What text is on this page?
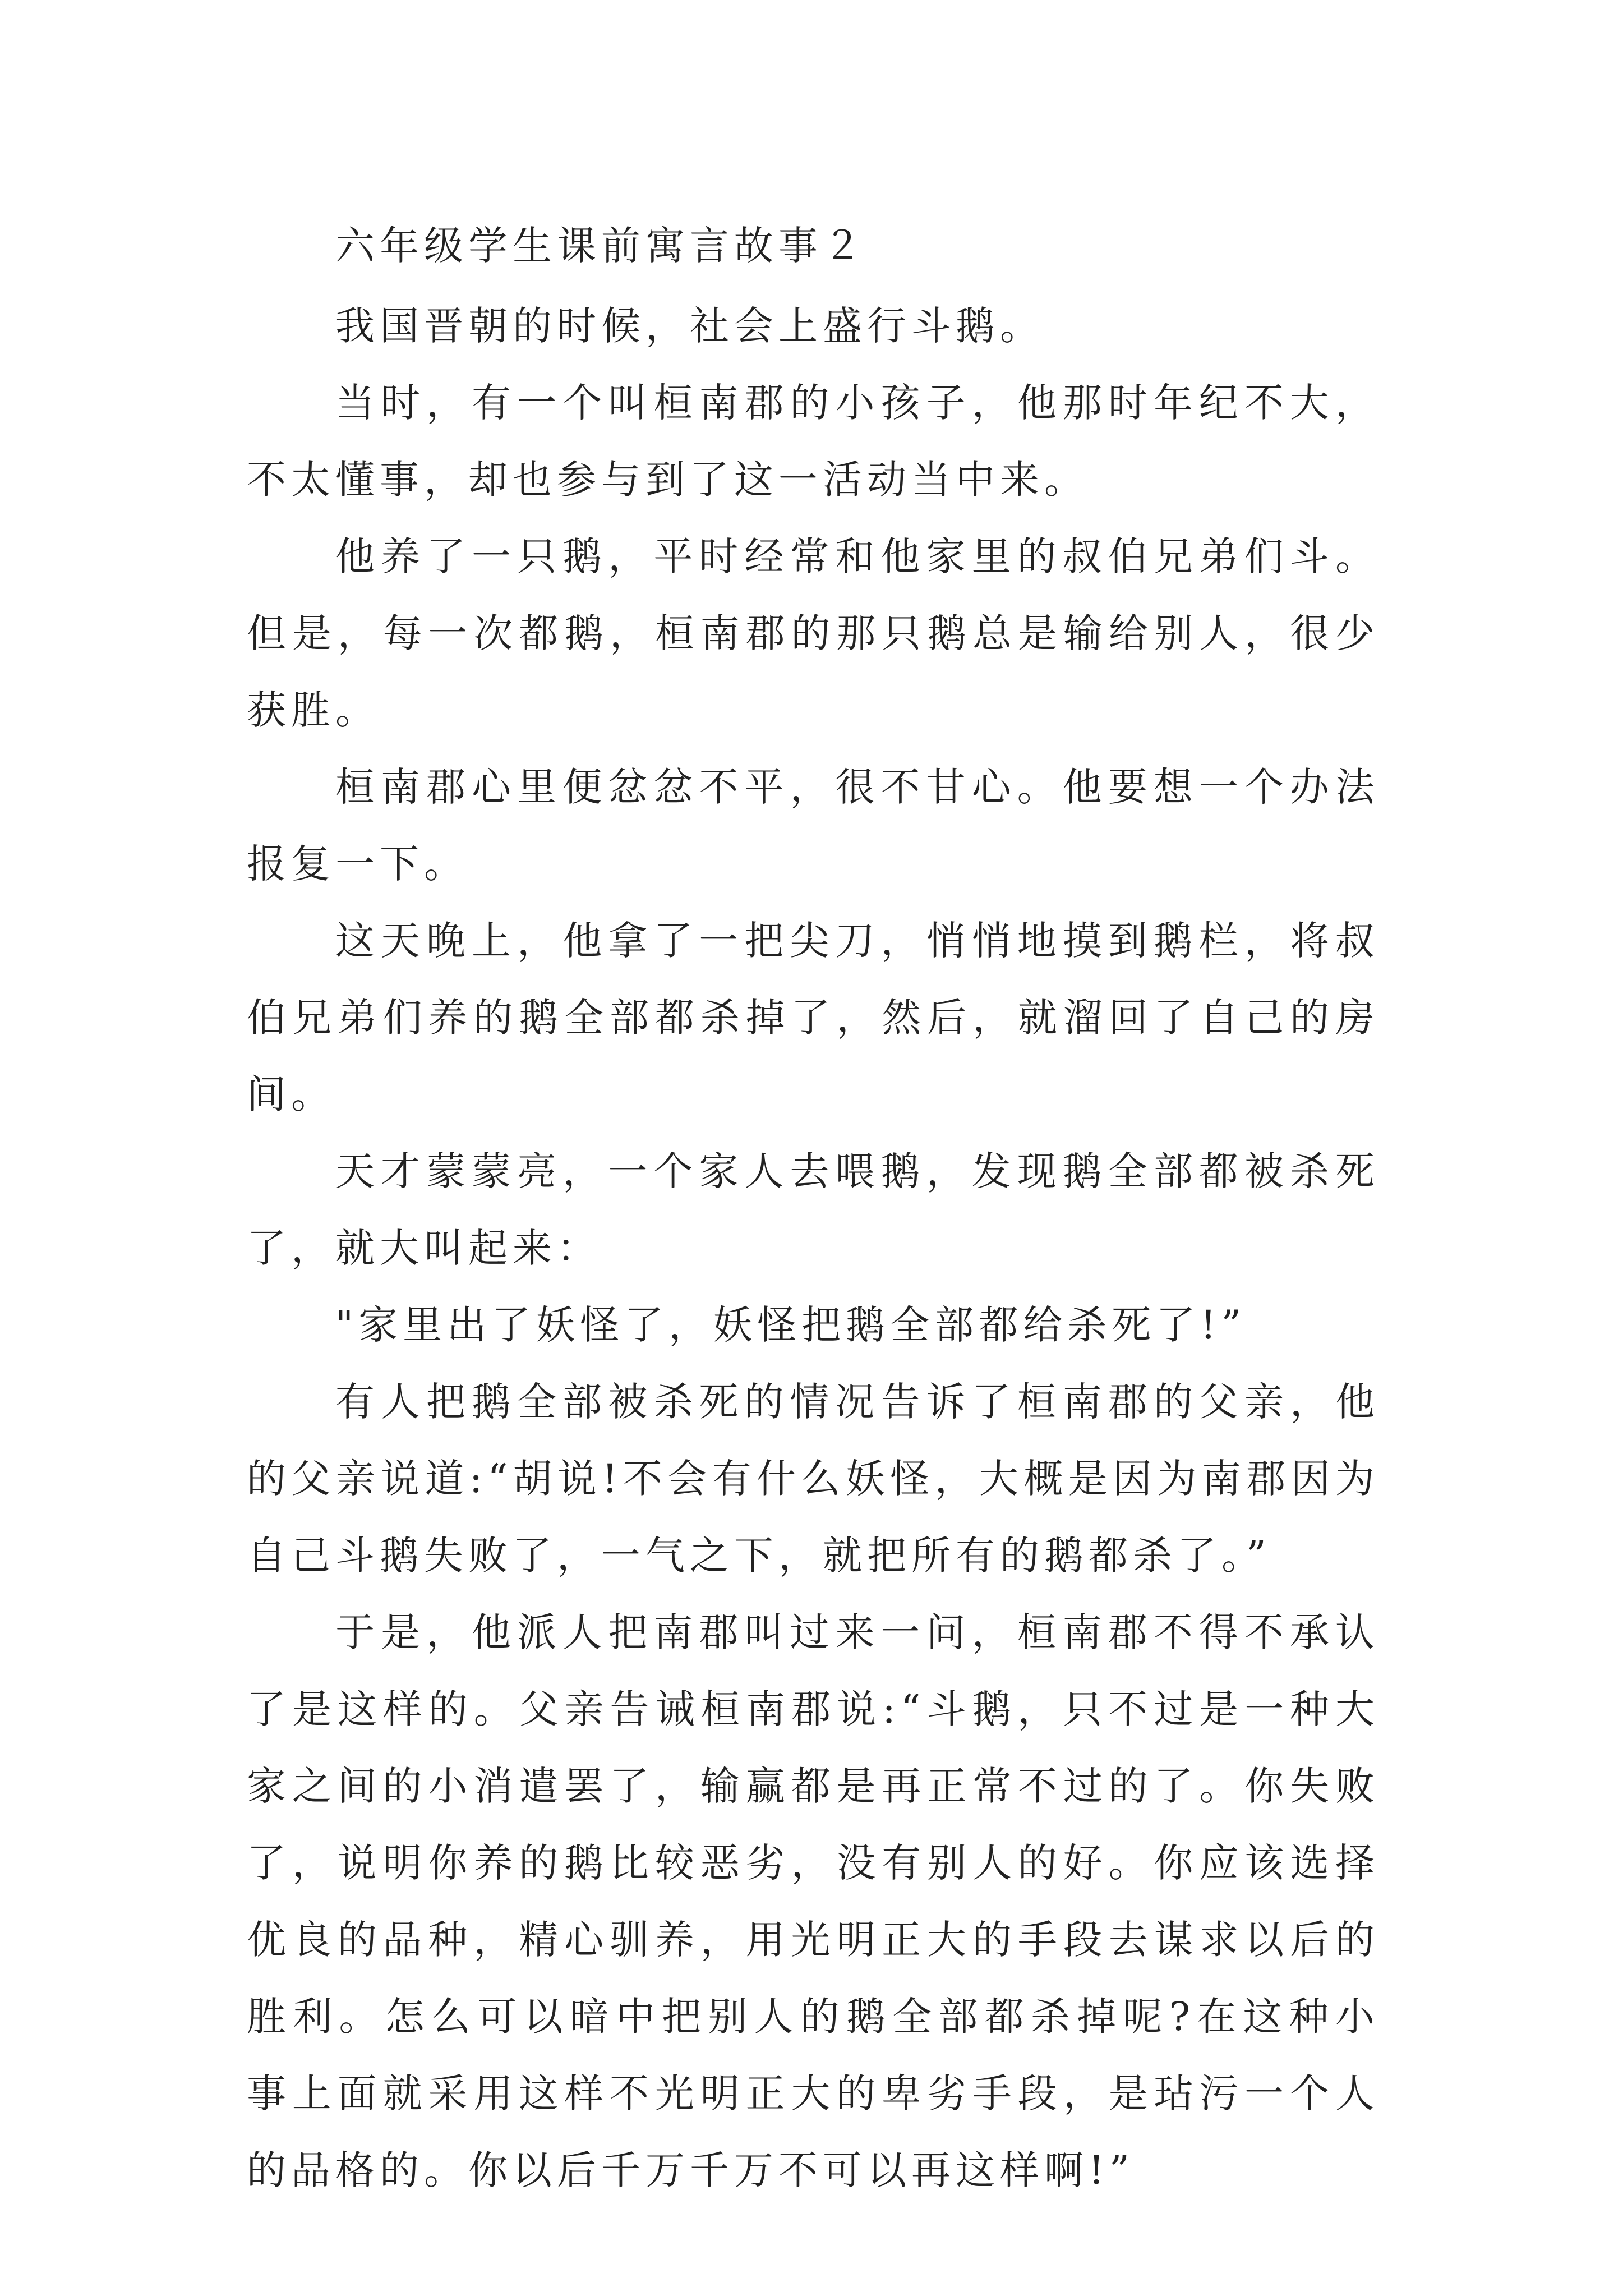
六年级学生课前寓言故事２

我国晋朝的时候，社会上盛行斗鹅。

当时，有一个叫桓南郡的小孩子，他那时年纪不大，不太懂事，却也参与到了这一活动当中来。

他养了一只鹅，平时经常和他家里的叔伯兄弟们斗。但是，每一次都鹅，桓南郡的那只鹅总是输给别人，很少获胜。

桓南郡心里便忿忿不平，很不甘心。他要想一个办法报复一下。

这天晚上，他拿了一把尖刀，悄悄地摸到鹅栏，将叔伯兄弟们养的鹅全部都杀掉了，然后，就溜回了自己的房间。

天才蒙蒙亮，一个家人去喂鹅，发现鹅全部都被杀死了，就大叫起来：

"家里出了妖怪了，妖怪把鹅全部都给杀死了!”

有人把鹅全部被杀死的情况告诉了桓南郡的父亲，他的父亲说道:“胡说!不会有什么妖怪，大概是因为南郡因为自己斗鹅失败了，一气之下，就把所有的鹅都杀了。”

于是，他派人把南郡叫过来一问，桓南郡不得不承认了是这样的。父亲告诫桓南郡说:“斗鹅，只不过是一种大家之间的小消遣罢了，输赢都是再正常不过的了。你失败了，说明你养的鹅比较恶劣，没有别人的好。你应该选择优良的品种，精心驯养，用光明正大的手段去谋求以后的胜利。怎么可以暗中把别人的鹅全部都杀掉呢?在这种小事上面就采用这样不光明正大的卑劣手段，是玷污一个人的品格的。你以后千万千万不可以再这样啊!”
